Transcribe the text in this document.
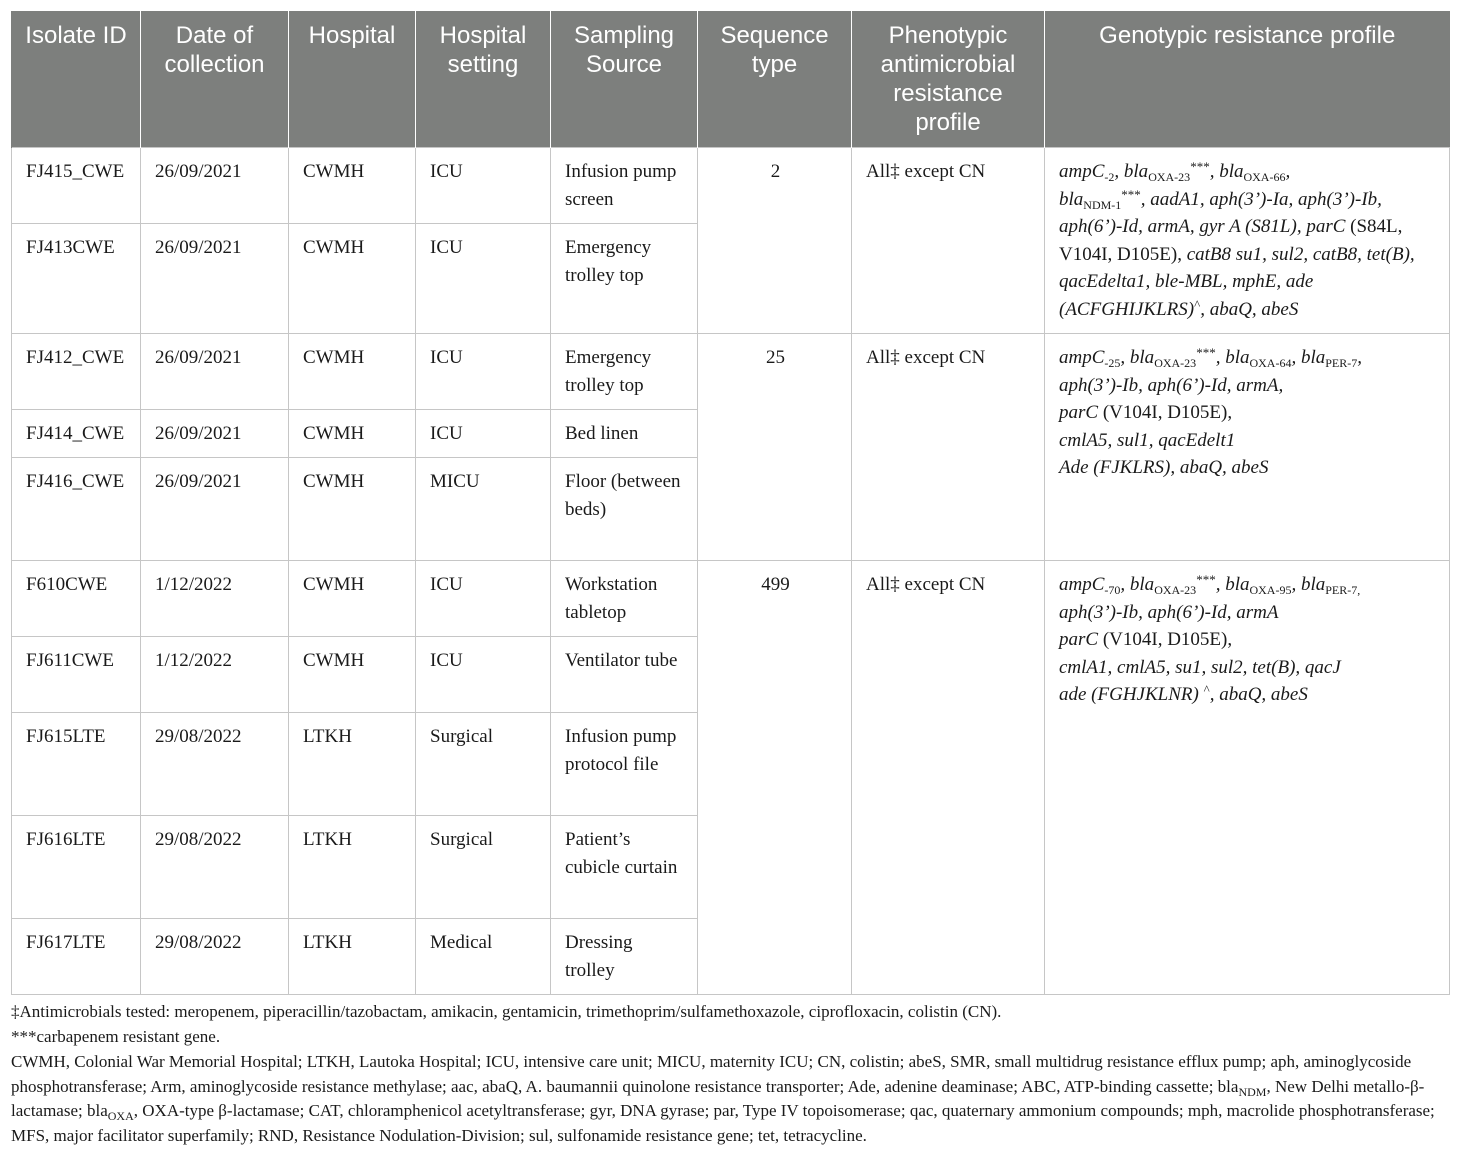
Isolate ID	Date of collection	Hospital	Hospital setting	Sampling Source	Sequence type	Phenotypic antimicrobial resistance profile	Genotypic resistance profile
FJ415_CWE	26/09/2021	CWMH	ICU	Infusion pump screen	2	All‡ except CN	ampC$_{-2}$, bla$_{OXA-23}$***, bla$_{OXA-66}$,
bla$_{NDM-1}$***, aadA1, aph(3’)-Ia, aph(3’)-Ib, aph(6’)-Id, armA, gyr A (S81L), parC (S84L, V104I, D105E), catB8 su1, sul2, catB8, tet(B), qacEdelta1, ble-MBL, mphE, ade (ACFGHIJKLRS)^, abaQ, abeS
FJ413CWE	26/09/2021	CWMH	ICU	Emergency trolley top			
FJ412_CWE	26/09/2021	CWMH	ICU	Emergency trolley top	25	All‡ except CN	ampC$_{-25}$, bla$_{OXA-23}$***, bla$_{OXA-64}$, bla$_{PER-7}$,
aph(3’)-Ib, aph(6’)-Id, armA,
parC (V104I, D105E),
cmlA5, sul1, qacEdelt1
Ade (FJKLRS), abaQ, abeS
FJ414_CWE	26/09/2021	CWMH	ICU	Bed linen			
FJ416_CWE	26/09/2021	CWMH	MICU	Floor (between beds)			
F610CWE	1/12/2022	CWMH	ICU	Workstation tabletop	499	All‡ except CN	ampC$_{-70}$, bla$_{OXA-23}$***, bla$_{OXA-95}$, bla$_{PER-7,}$
aph(3’)-Ib, aph(6’)-Id, armA
parC (V104I, D105E),
cmlA1, cmlA5, su1, sul2, tet(B), qacJ
ade (FGHJKLNR) ^, abaQ, abeS
FJ611CWE	1/12/2022	CWMH	ICU	Ventilator tube			
FJ615LTE	29/08/2022	LTKH	Surgical	Infusion pump protocol file			
FJ616LTE	29/08/2022	LTKH	Surgical	Patient’s cubicle curtain			
FJ617LTE	29/08/2022	LTKH	Medical	Dressing trolley			
‡Antimicrobials tested: meropenem, piperacillin/tazobactam, amikacin, gentamicin, trimethoprim/sulfamethoxazole, ciprofloxacin, colistin (CN).
***carbapenem resistant gene.
CWMH, Colonial War Memorial Hospital; LTKH, Lautoka Hospital; ICU, intensive care unit; MICU, maternity ICU; CN, colistin; abeS, SMR, small multidrug resistance efflux pump; aph, aminoglycoside phosphotransferase; Arm, aminoglycoside resistance methylase; aac, abaQ, A. baumannii quinolone resistance transporter; Ade, adenine deaminase; ABC, ATP-binding cassette; bla$_{NDM}$, New Delhi metallo-β-lactamase; bla$_{OXA}$, OXA-type β-lactamase; CAT, chloramphenicol acetyltransferase; gyr, DNA gyrase; par, Type IV topoisomerase; qac, quaternary ammonium compounds; mph, macrolide phosphotransferase; MFS, major facilitator superfamily; RND, Resistance Nodulation-Division; sul, sulfonamide resistance gene; tet, tetracycline.
